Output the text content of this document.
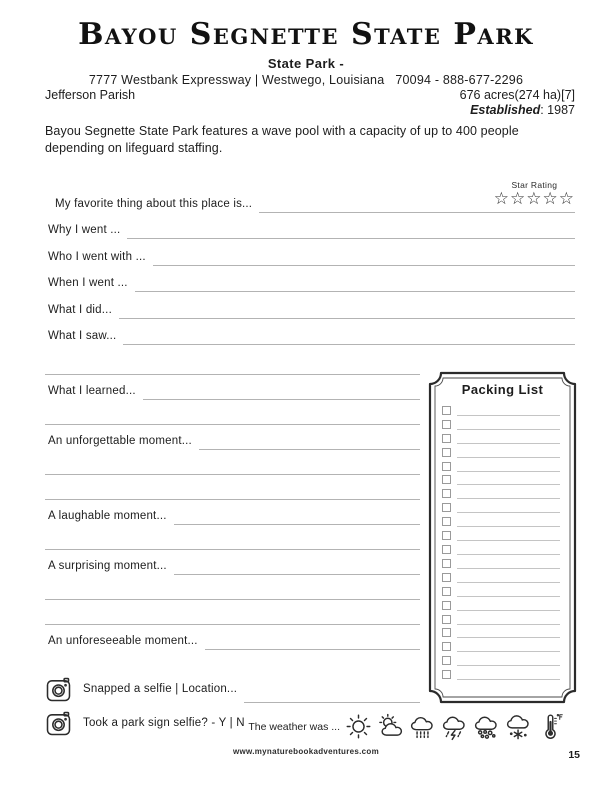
Bayou Segnette State Park
State Park -
7777 Westbank Expressway | Westwego, Louisiana   70094 - 888-677-2296
Jefferson Parish	676 acres(274 ha)[7]
Established: 1987
Bayou Segnette State Park features a wave pool with a capacity of up to 400 people depending on lifeguard staffing.
Star Rating
☆☆☆☆☆
My favorite thing about this place is...
Why I went ...
Who I went with ...
When I went ...
What I did...
What I saw...
What I learned...
An unforgettable moment...
A laughable moment...
A surprising moment...
An unforeseeable moment...
Snapped a selfie | Location...
Took a park sign selfie? - Y | N
Packing List
The weather was ...
www.mynaturebookadventures.com	15
